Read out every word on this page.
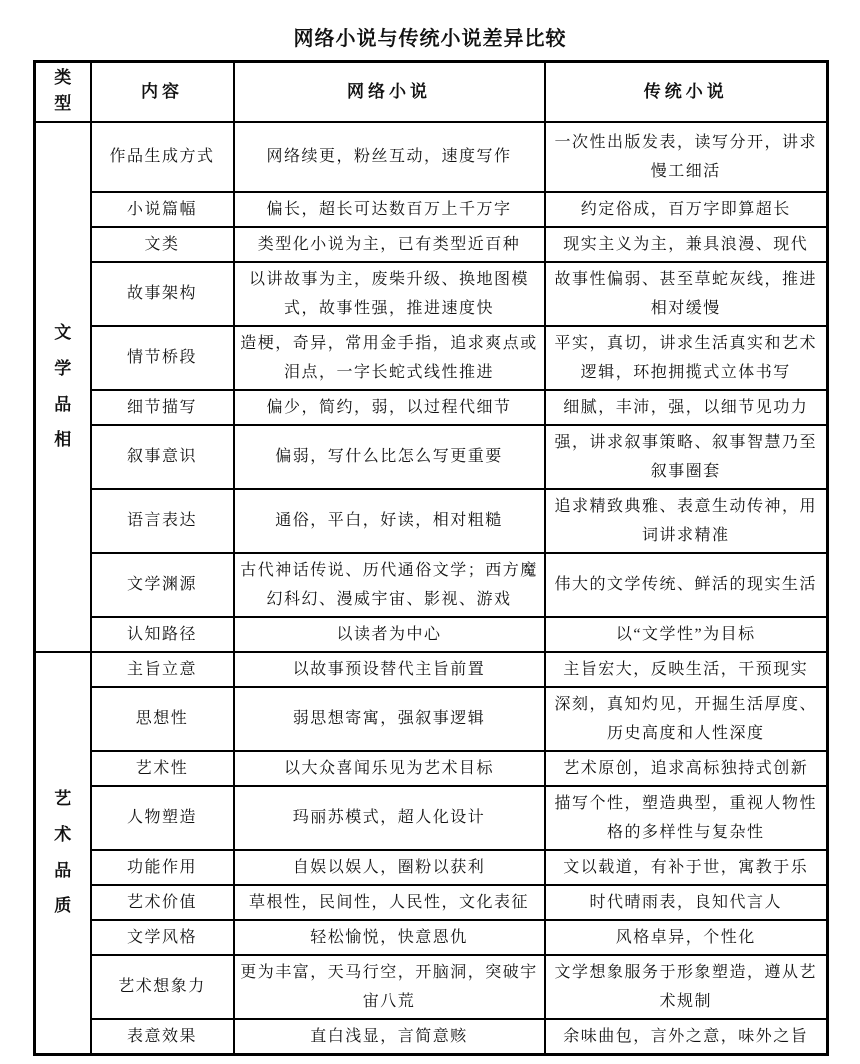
网络小说与传统小说差异比较
类型	内容	网络小说	传统小说
文学品相	作品生成方式	网络续更，粉丝互动，速度写作	一次性出版发表，读写分开，讲求慢工细活
	小说篇幅	偏长，超长可达数百万上千万字	约定俗成，百万字即算超长
	文类	类型化小说为主，已有类型近百种	现实主义为主，兼具浪漫、现代
	故事架构	以讲故事为主，废柴升级、换地图模式，故事性强，推进速度快	故事性偏弱、甚至草蛇灰线，推进相对缓慢
	情节桥段	造梗，奇异，常用金手指，追求爽点或泪点，一字长蛇式线性推进	平实，真切，讲求生活真实和艺术逻辑，环抱拥揽式立体书写
	细节描写	偏少，简约，弱，以过程代细节	细腻，丰沛，强，以细节见功力
	叙事意识	偏弱，写什么比怎么写更重要	强，讲求叙事策略、叙事智慧乃至叙事圈套
	语言表达	通俗，平白，好读，相对粗糙	追求精致典雅、表意生动传神，用词讲求精准
	文学渊源	古代神话传说、历代通俗文学；西方魔幻科幻、漫威宇宙、影视、游戏	伟大的文学传统、鲜活的现实生活
	认知路径	以读者为中心	以“文学性”为目标
艺术品质	主旨立意	以故事预设替代主旨前置	主旨宏大，反映生活，干预现实
	思想性	弱思想寄寓，强叙事逻辑	深刻，真知灼见，开掘生活厚度、历史高度和人性深度
	艺术性	以大众喜闻乐见为艺术目标	艺术原创，追求高标独持式创新
	人物塑造	玛丽苏模式，超人化设计	描写个性，塑造典型，重视人物性格的多样性与复杂性
	功能作用	自娱以娱人，圈粉以获利	文以载道，有补于世，寓教于乐
	艺术价值	草根性，民间性，人民性，文化表征	时代晴雨表，良知代言人
	文学风格	轻松愉悦，快意恩仇	风格卓异，个性化
	艺术想象力	更为丰富，天马行空，开脑洞，突破宇宙八荒	文学想象服务于形象塑造，遵从艺术规制
	表意效果	直白浅显，言简意赅	余味曲包，言外之意，味外之旨
